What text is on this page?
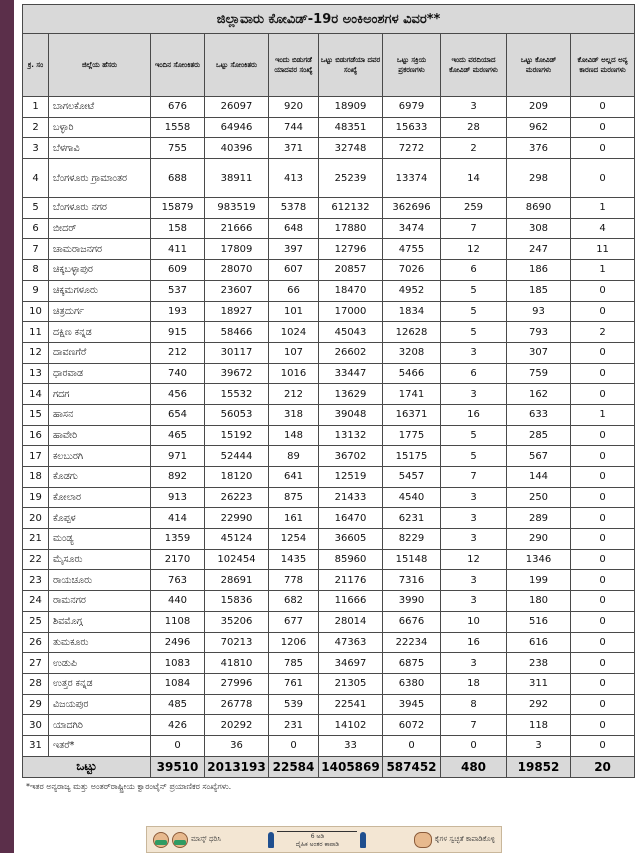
ಜಿಲ್ಲಾವಾರು ಕೋವಿಡ್-19ರ ಅಂಕಿಅಂಶಗಳ ವಿವರ**									
ಕ್ರ. ಸಂ	ಜಿಲ್ಲೆಯ ಹೆಸರು	ಇಂದಿನ ಸೋಂಕಿತರು	ಒಟ್ಟು ಸೋಂಕಿತರು	ಇಂದು ಬಿಡುಗಡೆ ಯಾದವರ ಸಂಖ್ಯೆ	ಒಟ್ಟು ಬಿಡುಗಡೆಯಾ ದವರ ಸಂಖ್ಯೆ	ಒಟ್ಟು ಸಕ್ರಿಯ ಪ್ರಕರಣಗಳು	ಇಂದು ವರದಿಯಾದ ಕೋವಿಡ್ ಮರಣಗಳು	ಒಟ್ಟು ಕೋವಿಡ್ ಮರಣಗಳು	ಕೋವಿಡ್ ಅಲ್ಲದ ಅನ್ಯ ಕಾರಣದ ಮರಣಗಳು
1	ಬಾಗಲಕೋಟೆ	676	26097	920	18909	6979	3	209	0
2	ಬಳ್ಳಾರಿ	1558	64946	744	48351	15633	28	962	0
3	ಬೆಳಗಾವಿ	755	40396	371	32748	7272	2	376	0
4	ಬೆಂಗಳೂರು ಗ್ರಾಮಾಂತರ	688	38911	413	25239	13374	14	298	0
5	ಬೆಂಗಳೂರು ನಗರ	15879	983519	5378	612132	362696	259	8690	1
6	ಬೀದರ್	158	21666	648	17880	3474	7	308	4
7	ಚಾಮರಾಜನಗರ	411	17809	397	12796	4755	12	247	11
8	ಚಿಕ್ಕಬಳ್ಳಾಪುರ	609	28070	607	20857	7026	6	186	1
9	ಚಿಕ್ಕಮಗಳೂರು	537	23607	66	18470	4952	5	185	0
10	ಚಿತ್ರದುರ್ಗ	193	18927	101	17000	1834	5	93	0
11	ದಕ್ಷಿಣ ಕನ್ನಡ	915	58466	1024	45043	12628	5	793	2
12	ದಾವಣಗೆರೆ	212	30117	107	26602	3208	3	307	0
13	ಧಾರವಾಡ	740	39672	1016	33447	5466	6	759	0
14	ಗದಗ	456	15532	212	13629	1741	3	162	0
15	ಹಾಸನ	654	56053	318	39048	16371	16	633	1
16	ಹಾವೇರಿ	465	15192	148	13132	1775	5	285	0
17	ಕಲಬುರಗಿ	971	52444	89	36702	15175	5	567	0
18	ಕೊಡಗು	892	18120	641	12519	5457	7	144	0
19	ಕೋಲಾರ	913	26223	875	21433	4540	3	250	0
20	ಕೊಪ್ಪಳ	414	22990	161	16470	6231	3	289	0
21	ಮಂಡ್ಯ	1359	45124	1254	36605	8229	3	290	0
22	ಮೈಸೂರು	2170	102454	1435	85960	15148	12	1346	0
23	ರಾಯಚೂರು	763	28691	778	21176	7316	3	199	0
24	ರಾಮನಗರ	440	15836	682	11666	3990	3	180	0
25	ಶಿವಮೊಗ್ಗ	1108	35206	677	28014	6676	10	516	0
26	ತುಮಕೂರು	2496	70213	1206	47363	22234	16	616	0
27	ಉಡುಪಿ	1083	41810	785	34697	6875	3	238	0
28	ಉತ್ತರ ಕನ್ನಡ	1084	27996	761	21305	6380	18	311	0
29	ವಿಜಯಪುರ	485	26778	539	22541	3945	8	292	0
30	ಯಾದಗಿರಿ	426	20292	231	14102	6072	7	118	0
31	ಇತರೆ*	0	36	0	33	0	0	3	0
ಒಟ್ಟು		39510	2013193	22584	1405869	587452	480	19852	20
*ಇತರ ಅನ್ಯರಾಜ್ಯ ಮತ್ತು ಅಂತರ್‌ರಾಷ್ಟ್ರೀಯ ಕ್ವಾರಂಟೈನ್ ಪ್ರಯಾಣಿಕರ ಸಂಖ್ಯೆಗಳು.
ಮಾಸ್ಕ್ ಧರಿಸಿ	6 ಅಡಿ
ದೈಹಿಕ ಅಂತರ ಕಾಪಾಡಿ
ಕೈಗಳ ಸ್ವಚ್ಛತೆ ಕಾಪಾಡಿಕೊಳ್ಳಿ
